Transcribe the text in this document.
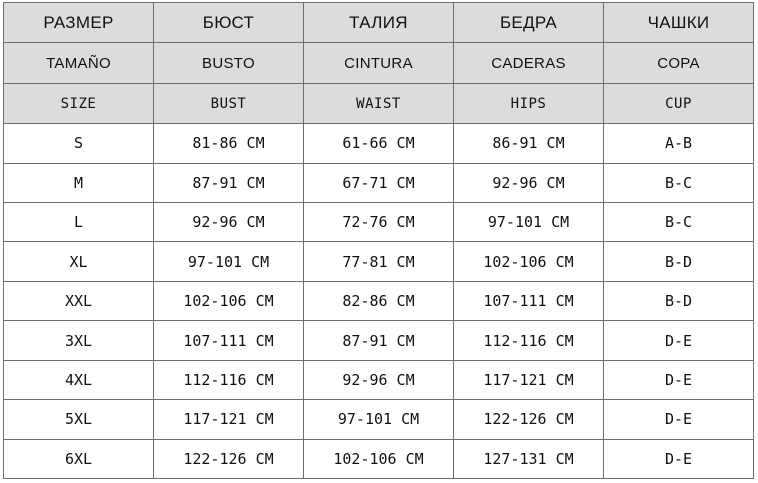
РАЗМЕР	БЮСТ	ТАЛИЯ	БЕДРА	ЧАШКИ
TAMAÑO	BUSTO	CINTURA	CADERAS	COPA
SIZE	BUST	WAIST	HIPS	CUP
S	81-86 CM	61-66 CM	86-91 CM	A-B
M	87-91 CM	67-71 CM	92-96 CM	B-C
L	92-96 CM	72-76 CM	97-101 CM	B-C
XL	97-101 CM	77-81 CM	102-106 CM	B-D
XXL	102-106 CM	82-86 CM	107-111 CM	B-D
3XL	107-111 CM	87-91 CM	112-116 CM	D-E
4XL	112-116 CM	92-96 CM	117-121 CM	D-E
5XL	117-121 CM	97-101 CM	122-126 CM	D-E
6XL	122-126 CM	102-106 CM	127-131 CM	D-E
